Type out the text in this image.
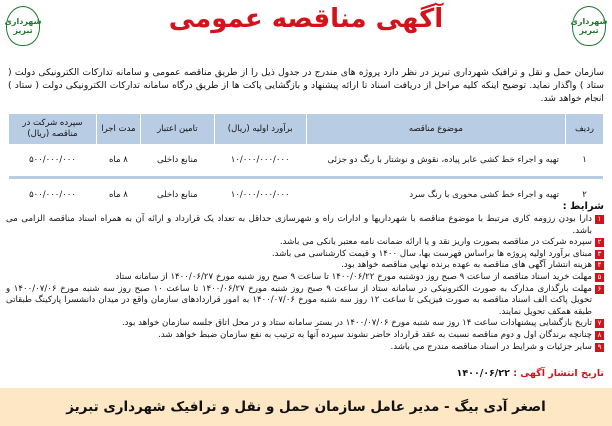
شهرداری تبریز
شهرداری تبریز	آگهی مناقصه عمومی
سازمان حمل و نقل و ترافیک شهرداری تبریز در نظر دارد پروژه های مندرج در جدول ذیل را از طریق مناقصه عمومی و سامانه تدارکات الکترونیکی دولت ( ستاد ) واگذار نماید. توضیح اینکه کلیه مراحل از دریافت اسناد تا ارائه پیشنهاد و بازگشایی پاکت ها از طریق درگاه سامانه تدارکات الکترونیکی دولت ( ستاد ) انجام خواهد شد.
ردیف	موضوع مناقصه	برآورد اولیه (ریال)	تامین اعتبار	مدت اجرا	سپرده شرکت در مناقصه (ریال)
۱	تهیه و اجراء خط کشی عابر پیاده، نقوش و نوشتار با رنگ دو جزئی	۱۰/۰۰۰/۰۰۰/۰۰۰	منابع داخلی	۸ ماه	۵۰۰/۰۰۰/۰۰۰

۲	تهیه و اجراء خط کشی محوری با رنگ سرد	۱۰/۰۰۰/۰۰۰/۰۰۰	منابع داخلی	۸ ماه	۵۰۰/۰۰۰/۰۰۰
شرایط :
۱
دارا بودن رزومه کاری مرتبط با موضوع مناقصه با شهرداریها و ادارات راه و شهرسازی حداقل به تعداد یک قرارداد و ارائه آن به همراه اسناد مناقصه الزامی می باشد.
۲
سپرده شرکت در مناقصه بصورت واریز نقد و یا ارائه ضمانت نامه معتبر بانکی می باشد.
۳
مبنای برآورد اولیه پروژه ها براساس فهرست بها، سال ۱۴۰۰ و قیمت کارشناسی می باشد.
۴
هزینه انتشار آگهی های مناقصه به عهده برنده نهایی مناقصه خواهد بود.
۵
مهلت خرید اسناد مناقصه از ساعت ۹ صبح روز دوشنبه مورخ ۱۴۰۰/۰۶/۲۲ تا ساعت ۹ صبح روز شنبه مورخ ۱۴۰۰/۰۶/۲۷ از سامانه ستاد
۶
مهلت بارگذاری مدارک به صورت الکترونیکی در سامانه ستاد از ساعت ۹ صبح روز شنبه مورخ ۱۴۰۰/۰۶/۲۷ تا ساعت ۱۰ صبح روز سه شنبه مورخ ۱۴۰۰/۰۷/۰۶ و تحویل پاکت الف اسناد مناقصه به صورت فیزیکی تا ساعت ۱۲ روز سه شنبه مورخ ۱۴۰۰/۰۷/۰۶ به امور قراردادهای سازمان واقع در میدان دانشسرا پارکینگ طبقاتی طبقه همکف تحویل نمایند.
۷
تاریخ بازگشایی پیشنهادات ساعت ۱۴ روز سه شنبه مورخ ۱۴۰۰/۰۷/۰۶ در بستر سامانه ستاد و در محل اتاق جلسه سازمان خواهد بود.
۸
چنانچه برندگان اول و دوم مناقصه نسبت به عقد قرارداد حاضر نشوند سپرده آنها به ترتیب به نفع سازمان ضبط خواهد شد.
۹
سایر جزئیات و شرایط در اسناد مناقصه مندرج می باشد.
تاریخ انتشار آگهی : ۱۴۰۰/۰۶/۲۲
اصغر آدی بیگ - مدیر عامل سازمان حمل و نقل و ترافیک شهرداری تبریز
